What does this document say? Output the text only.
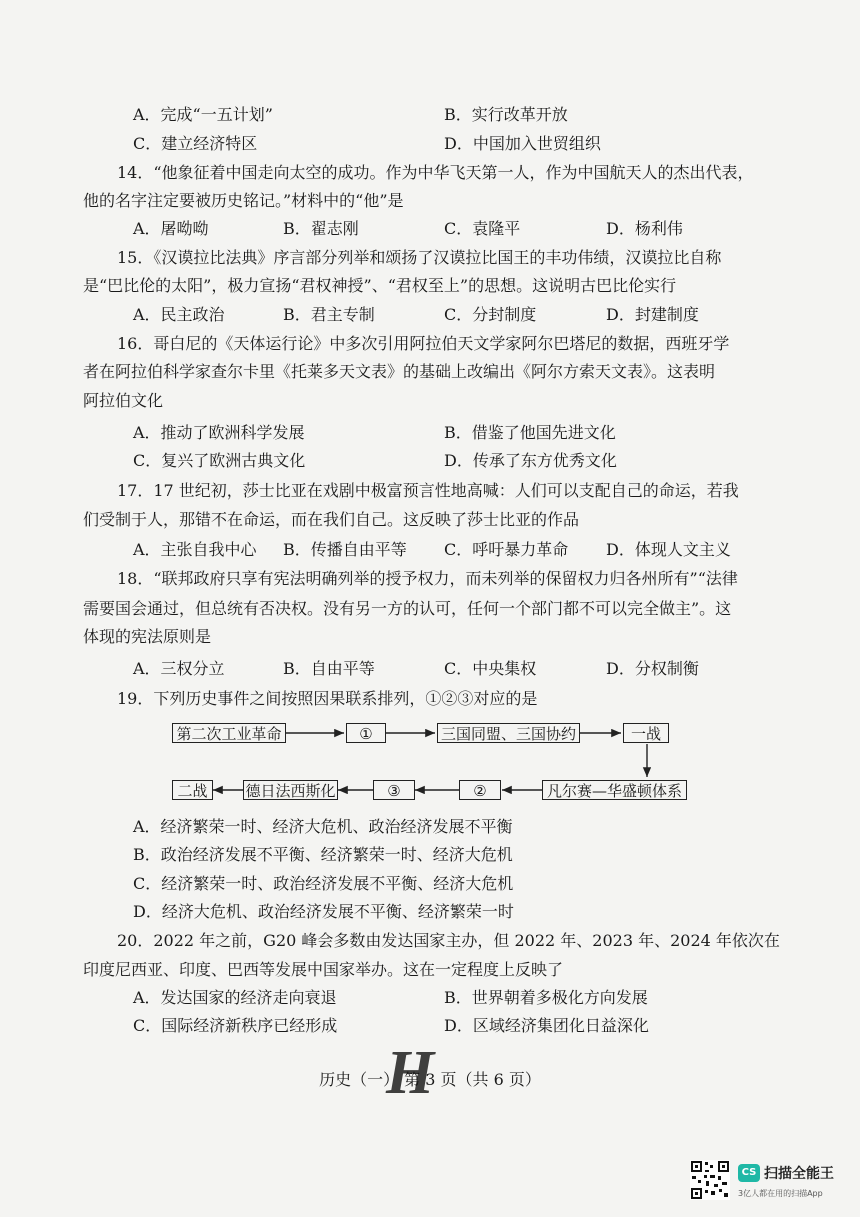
A．完成“一五计划”	B．实行改革开放
C．建立经济特区	D．中国加入世贸组织
14．“他象征着中国走向太空的成功。作为中华飞天第一人，作为中国航天人的杰出代表，
他的名字注定要被历史铭记。”材料中的“他”是
A．屠呦呦	B．翟志刚	C．袁隆平	D．杨利伟
15．《汉谟拉比法典》序言部分列举和颂扬了汉谟拉比国王的丰功伟绩，汉谟拉比自称
是“巴比伦的太阳”，极力宣扬“君权神授”、“君权至上”的思想。这说明古巴比伦实行
A．民主政治	B．君主专制	C．分封制度	D．封建制度
16．哥白尼的《天体运行论》中多次引用阿拉伯天文学家阿尔巴塔尼的数据，西班牙学
者在阿拉伯科学家查尔卡里《托莱多天文表》的基础上改编出《阿尔方索天文表》。这表明
阿拉伯文化
A．推动了欧洲科学发展	B．借鉴了他国先进文化
C．复兴了欧洲古典文化	D．传承了东方优秀文化
17．17 世纪初，莎士比亚在戏剧中极富预言性地高喊：人们可以支配自己的命运，若我
们受制于人，那错不在命运，而在我们自己。这反映了莎士比亚的作品
A．主张自我中心 B．传播自由平等 C．呼吁暴力革命 D．体现人文主义
18．“联邦政府只享有宪法明确列举的授予权力，而未列举的保留权力归各州所有”“法律
需要国会通过，但总统有否决权。没有另一方的认可，任何一个部门都不可以完全做主”。这
体现的宪法原则是
A．三权分立	B．自由平等	C．中央集权	D．分权制衡
19．下列历史事件之间按照因果联系排列，①②③对应的是
第二次工业革命	①	三国同盟、三国协约	一战
凡尔赛—华盛顿体系
②
③
德日法西斯化
二战
A．经济繁荣一时、经济大危机、政治经济发展不平衡
B．政治经济发展不平衡、经济繁荣一时、经济大危机
C．经济繁荣一时、政治经济发展不平衡、经济大危机
D．经济大危机、政治经济发展不平衡、经济繁荣一时
20．2022 年之前，G20 峰会多数由发达国家主办，但 2022 年、2023 年、2024 年依次在
印度尼西亚、印度、巴西等发展中国家举办。这在一定程度上反映了
A．发达国家的经济走向衰退	B．世界朝着多极化方向发展
C．国际经济新秩序已经形成	D．区域经济集团化日益深化
H
历史（一） 第 3 页（共 6 页）
CS 扫描全能王
3亿人都在用的扫描App
